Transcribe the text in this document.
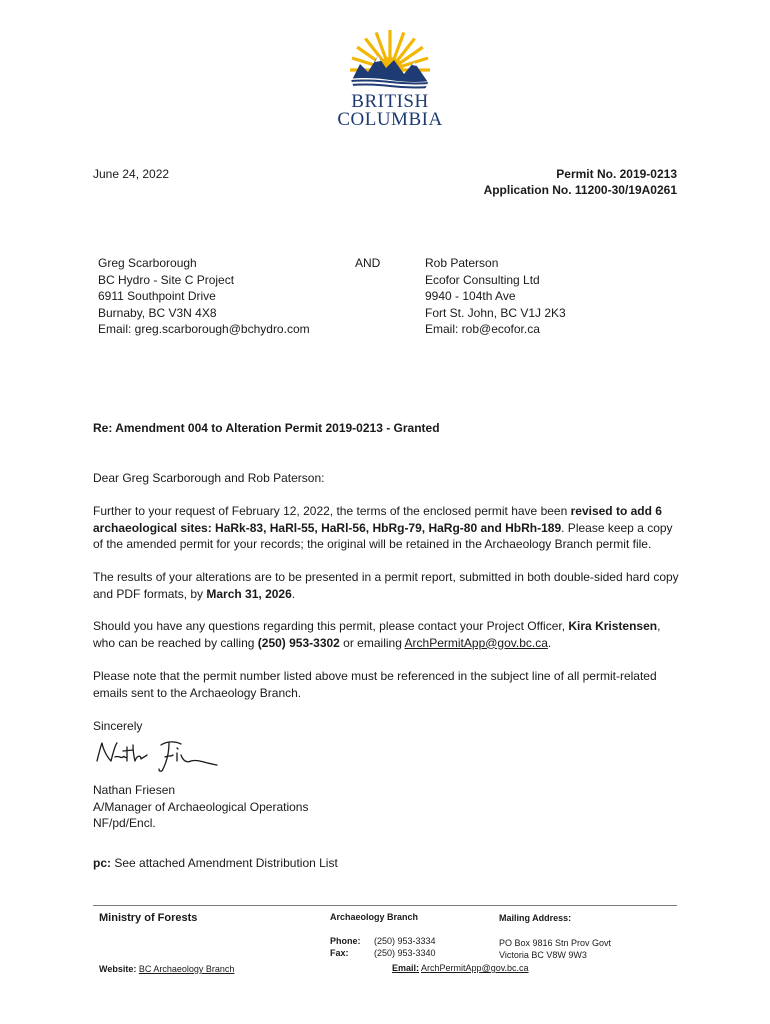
BRITISH
COLUMBIA
June 24, 2022	Permit No. 2019-0213
Application No. 11200-30/19A0261
Greg Scarborough
BC Hydro - Site C Project
6911 Southpoint Drive
Burnaby, BC V3N 4X8
Email: greg.scarborough@bchydro.com
AND	Rob Paterson
Ecofor Consulting Ltd
9940 - 104th Ave
Fort St. John, BC V1J 2K3
Email: rob@ecofor.ca
Re: Amendment 004 to Alteration Permit 2019-0213 - Granted
Dear Greg Scarborough and Rob Paterson:

Further to your request of February 12, 2022, the terms of the enclosed permit have been revised to add 6 archaeological sites: HaRk-83, HaRl-55, HaRl-56, HbRg-79, HaRg-80 and HbRh-189. Please keep a copy of the amended permit for your records; the original will be retained in the Archaeology Branch permit file.

The results of your alterations are to be presented in a permit report, submitted in both double-sided hard copy and PDF formats, by March 31, 2026.

Should you have any questions regarding this permit, please contact your Project Officer, Kira Kristensen, who can be reached by calling (250) 953-3302 or emailing ArchPermitApp@gov.bc.ca.

Please note that the permit number listed above must be referenced in the subject line of all permit-related emails sent to the Archaeology Branch.

Sincerely
Nathan Friesen
A/Manager of Archaeological Operations
NF/pd/Encl.
pc: See attached Amendment Distribution List
Ministry of Forests
Website: BC Archaeology Branch
Archaeology Branch
Phone: (250) 953-3334
Fax:	(250) 953-3340
Mailing Address:
PO Box 9816 Stn Prov Govt
Victoria BC V8W 9W3
Email: ArchPermitApp@gov.bc.ca
